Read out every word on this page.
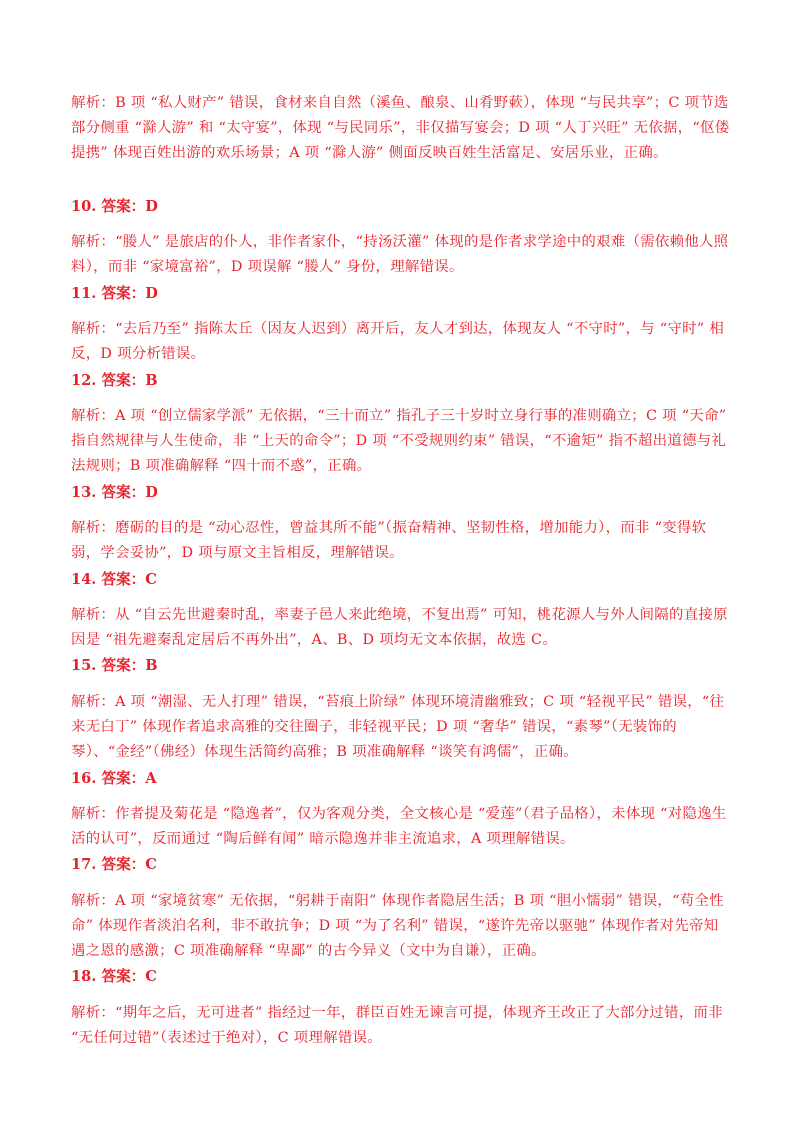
解析：B 项 “私人财产” 错误，食材来自自然（溪鱼、酿泉、山肴野蔌），体现 “与民共享”；C 项节选部分侧重 “滁人游” 和 “太守宴”，体现 “与民同乐”，非仅描写宴会；D 项 “人丁兴旺” 无依据，“伛偻提携” 体现百姓出游的欢乐场景；A 项 “滁人游” 侧面反映百姓生活富足、安居乐业，正确。

10. 答案：D

解析：“媵人” 是旅店的仆人，非作者家仆，“持汤沃灌” 体现的是作者求学途中的艰难（需依赖他人照料），而非 “家境富裕”，D 项误解 “媵人” 身份，理解错误。

11. 答案：D

解析：“去后乃至” 指陈太丘（因友人迟到）离开后，友人才到达，体现友人 “不守时”，与 “守时” 相反，D 项分析错误。

12. 答案：B

解析：A 项 “创立儒家学派” 无依据，“三十而立” 指孔子三十岁时立身行事的准则确立；C 项 “天命” 指自然规律与人生使命，非 “上天的命令”；D 项 “不受规则约束” 错误，“不逾矩” 指不超出道德与礼法规则；B 项准确解释 “四十而不惑”，正确。

13. 答案：D

解析：磨砺的目的是 “动心忍性，曾益其所不能”（振奋精神、坚韧性格，增加能力），而非 “变得软弱，学会妥协”，D 项与原文主旨相反，理解错误。

14. 答案：C

解析：从 “自云先世避秦时乱，率妻子邑人来此绝境，不复出焉” 可知，桃花源人与外人间隔的直接原因是 “祖先避秦乱定居后不再外出”，A、B、D 项均无文本依据，故选 C。

15. 答案：B

解析：A 项 “潮湿、无人打理” 错误，“苔痕上阶绿” 体现环境清幽雅致；C 项 “轻视平民” 错误，“往来无白丁” 体现作者追求高雅的交往圈子，非轻视平民；D 项 “奢华” 错误，“素琴”（无装饰的琴）、“金经”（佛经）体现生活简约高雅；B 项准确解释 “谈笑有鸿儒”，正确。

16. 答案：A

解析：作者提及菊花是 “隐逸者”，仅为客观分类，全文核心是 “爱莲”（君子品格），未体现 “对隐逸生活的认可”，反而通过 “陶后鲜有闻” 暗示隐逸并非主流追求，A 项理解错误。

17. 答案：C

解析：A 项 “家境贫寒” 无依据，“躬耕于南阳” 体现作者隐居生活；B 项 “胆小懦弱” 错误，“苟全性命” 体现作者淡泊名利，非不敢抗争；D 项 “为了名利” 错误，“遂许先帝以驱驰” 体现作者对先帝知遇之恩的感激；C 项准确解释 “卑鄙” 的古今异义（文中为自谦），正确。

18. 答案：C

解析：“期年之后，无可进者” 指经过一年，群臣百姓无谏言可提，体现齐王改正了大部分过错，而非 “无任何过错”（表述过于绝对），C 项理解错误。
